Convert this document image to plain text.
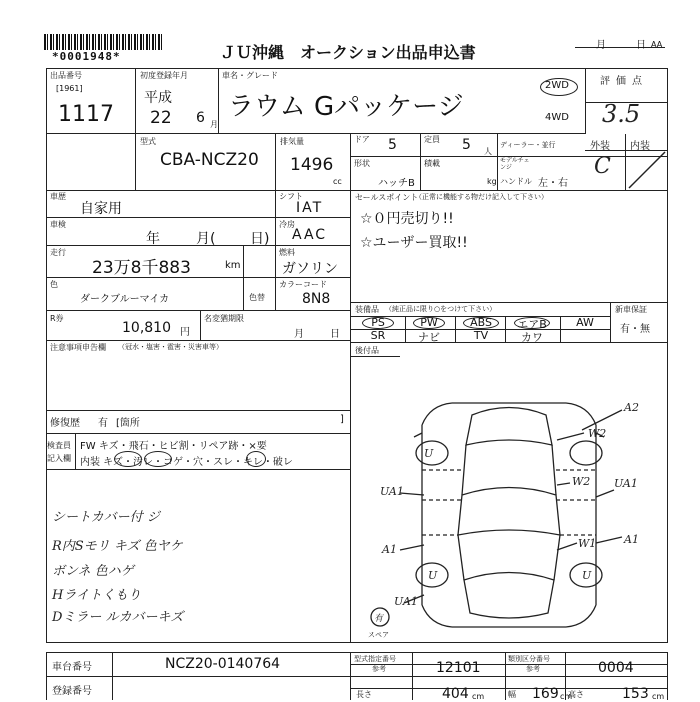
*0001948*	ＪＵ沖縄　オークション出品申込書	月	日 AA
出品番号
[1961]
1117
初度登録年月
平成
22 6 月
車名・グレード
ラウム Gパッケージ
2WD
4WD
評価点
3.5
型式
CBA-NCZ20
排気量
1496
cc
ドア 5	定員 5 人
ディーラー・並行
形状
ハッチB
積載
kg
モデルチェンジ
ハンドル 左・右
外装 内装
C
車歴
自家用
シフト
IAT
車検
年	月( 日)
冷房
AAC
走行
23万8千883	km
燃料
ガソリン
色
ダークブルーマイカ	色替
カラーコード
8N8
R券
10,810 円
名変猶期限
月	日
注意事項申告欄 （冠水・塩害・雹害・災害車等）
修復歴 有 [箇所	]
検査員
記入欄
FW キズ・飛石・ヒビ割・リペア跡・×要
内装 キズ・汚レ・コゲ・穴・スレ・キレ・破レ
シートカバー付 ジ
R内Sモリ キズ 色ヤケ
ボンネ 色ハゲ
Hライトくもり
Dミラー ルカバーキズ
セールスポイント
（正常に機能する物だけ記入して下さい）
☆０円売切り!!
☆ユーザー買取!!
装備品 （純正品に限り○をつけて下さい）	新車保証
有・無
PS	PW	ABS	エアB	AW
SR	ナビ	TV	カワ
後付品
A2
W2
U
UA1
W2 UA1
W1	A1
A1
U	U
UA1
有
スペア
車台番号	NCZ20-0140764
登録番号
型式指定番号
参考	12101
類別区分番号
参考	0004
長さ	404 cm	幅 169 cm
高さ	153 cm
